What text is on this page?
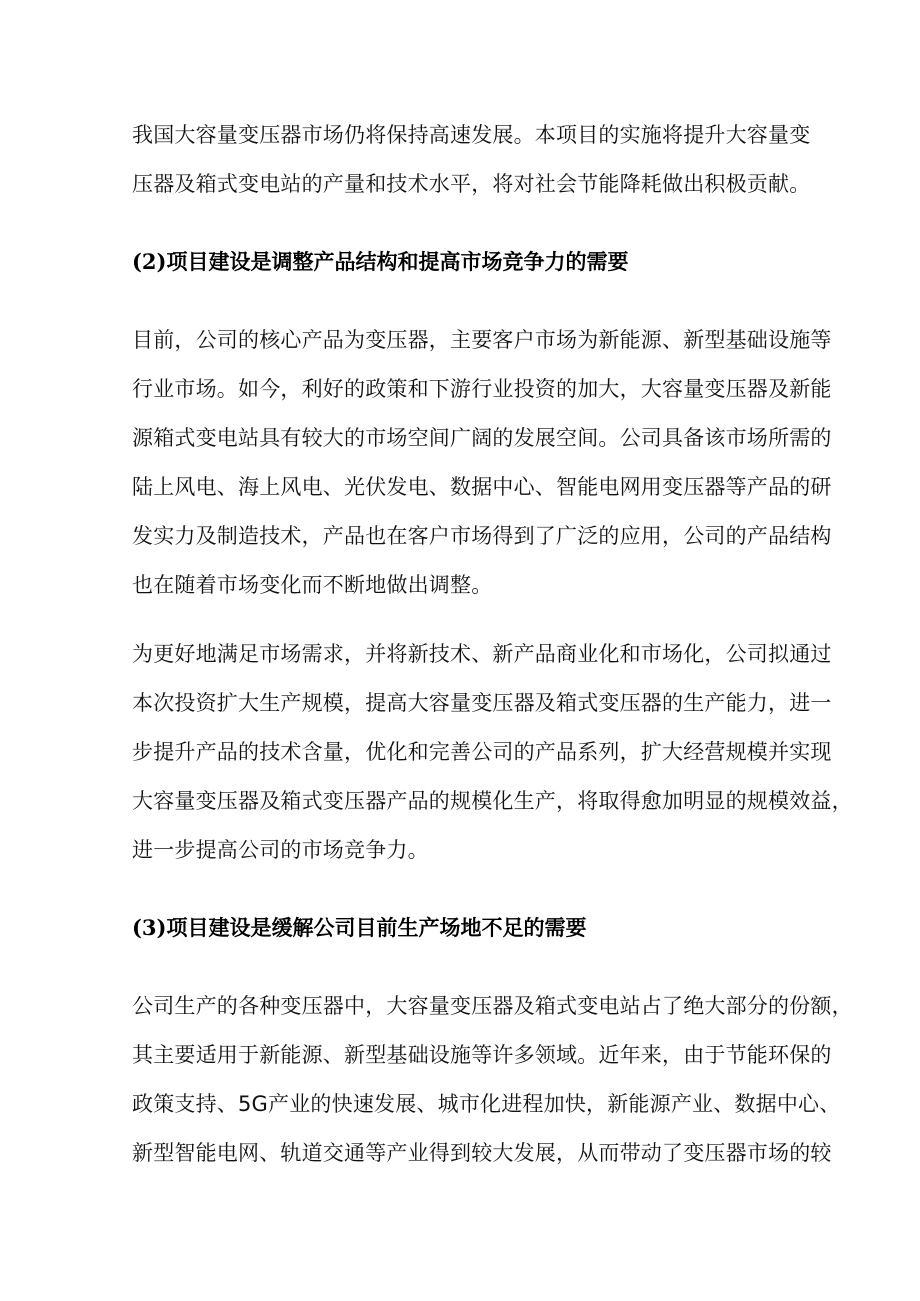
我国大容量变压器市场仍将保持高速发展。本项目的实施将提升大容量变
压器及箱式变电站的产量和技术水平，将对社会节能降耗做出积极贡献。
(2)项目建设是调整产品结构和提高市场竞争力的需要
目前，公司的核心产品为变压器，主要客户市场为新能源、新型基础设施等
行业市场。如今，利好的政策和下游行业投资的加大，大容量变压器及新能
源箱式变电站具有较大的市场空间广阔的发展空间。公司具备该市场所需的
陆上风电、海上风电、光伏发电、数据中心、智能电网用变压器等产品的研
发实力及制造技术，产品也在客户市场得到了广泛的应用，公司的产品结构
也在随着市场变化而不断地做出调整。
为更好地满足市场需求，并将新技术、新产品商业化和市场化，公司拟通过
本次投资扩大生产规模，提高大容量变压器及箱式变压器的生产能力，进一
步提升产品的技术含量，优化和完善公司的产品系列，扩大经营规模并实现
大容量变压器及箱式变压器产品的规模化生产，将取得愈加明显的规模效益，
进一步提高公司的市场竞争力。
(3)项目建设是缓解公司目前生产场地不足的需要
公司生产的各种变压器中，大容量变压器及箱式变电站占了绝大部分的份额，
其主要适用于新能源、新型基础设施等许多领域。近年来，由于节能环保的
政策支持、5G产业的快速发展、城市化进程加快，新能源产业、数据中心、
新型智能电网、轨道交通等产业得到较大发展，从而带动了变压器市场的较
